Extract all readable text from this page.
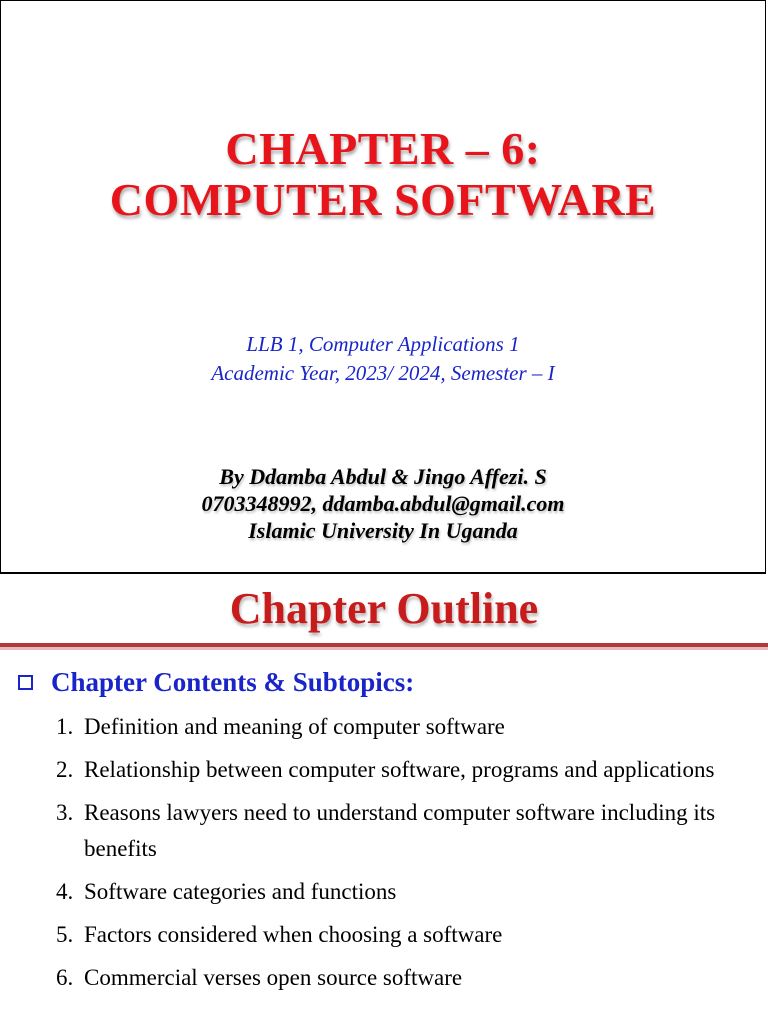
CHAPTER – 6:
COMPUTER SOFTWARE
LLB 1, Computer Applications 1
Academic Year, 2023/ 2024, Semester – I
By Ddamba Abdul & Jingo Affezi. S
0703348992, ddamba.abdul@gmail.com
Islamic University In Uganda
Chapter Outline
Chapter Contents & Subtopics:
1. Definition and meaning of computer software
2. Relationship between computer software, programs and applications
3. Reasons lawyers need to understand computer software including its benefits
4. Software categories and functions
5. Factors considered when choosing a software
6. Commercial verses open source software
